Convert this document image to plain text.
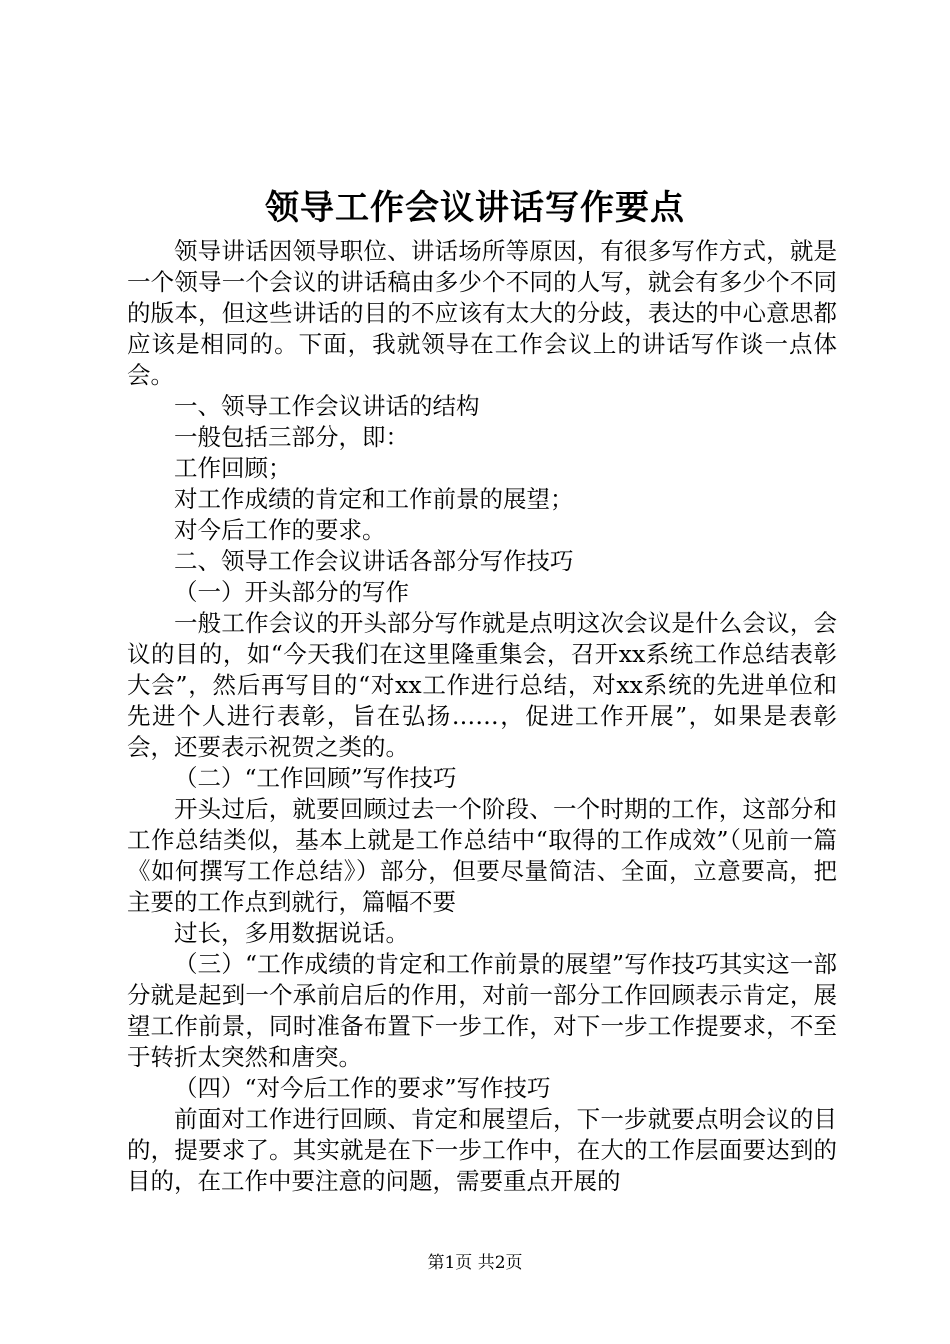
领导工作会议讲话写作要点

领导讲话因领导职位、讲话场所等原因，有很多写作方式，就是一个领导一个会议的讲话稿由多少个不同的人写，就会有多少个不同的版本，但这些讲话的目的不应该有太大的分歧，表达的中心意思都应该是相同的。下面，我就领导在工作会议上的讲话写作谈一点体会。

一、领导工作会议讲话的结构

一般包括三部分，即：

工作回顾；

对工作成绩的肯定和工作前景的展望；

对今后工作的要求。

二、领导工作会议讲话各部分写作技巧

（一）开头部分的写作

一般工作会议的开头部分写作就是点明这次会议是什么会议，会议的目的，如“今天我们在这里隆重集会，召开xx系统工作总结表彰大会”，然后再写目的“对xx工作进行总结，对xx系统的先进单位和先进个人进行表彰，旨在弘扬……，促进工作开展”，如果是表彰会，还要表示祝贺之类的。

（二）“工作回顾”写作技巧

开头过后，就要回顾过去一个阶段、一个时期的工作，这部分和工作总结类似，基本上就是工作总结中“取得的工作成效”（见前一篇《如何撰写工作总结》）部分，但要尽量简洁、全面，立意要高，把主要的工作点到就行，篇幅不要

过长，多用数据说话。

（三）“工作成绩的肯定和工作前景的展望”写作技巧其实这一部分就是起到一个承前启后的作用，对前一部分工作回顾表示肯定，展望工作前景，同时准备布置下一步工作，对下一步工作提要求，不至于转折太突然和唐突。

（四）“对今后工作的要求”写作技巧

前面对工作进行回顾、肯定和展望后，下一步就要点明会议的目的，提要求了。其实就是在下一步工作中，在大的工作层面要达到的目的，在工作中要注意的问题，需要重点开展的

第1页 共2页
